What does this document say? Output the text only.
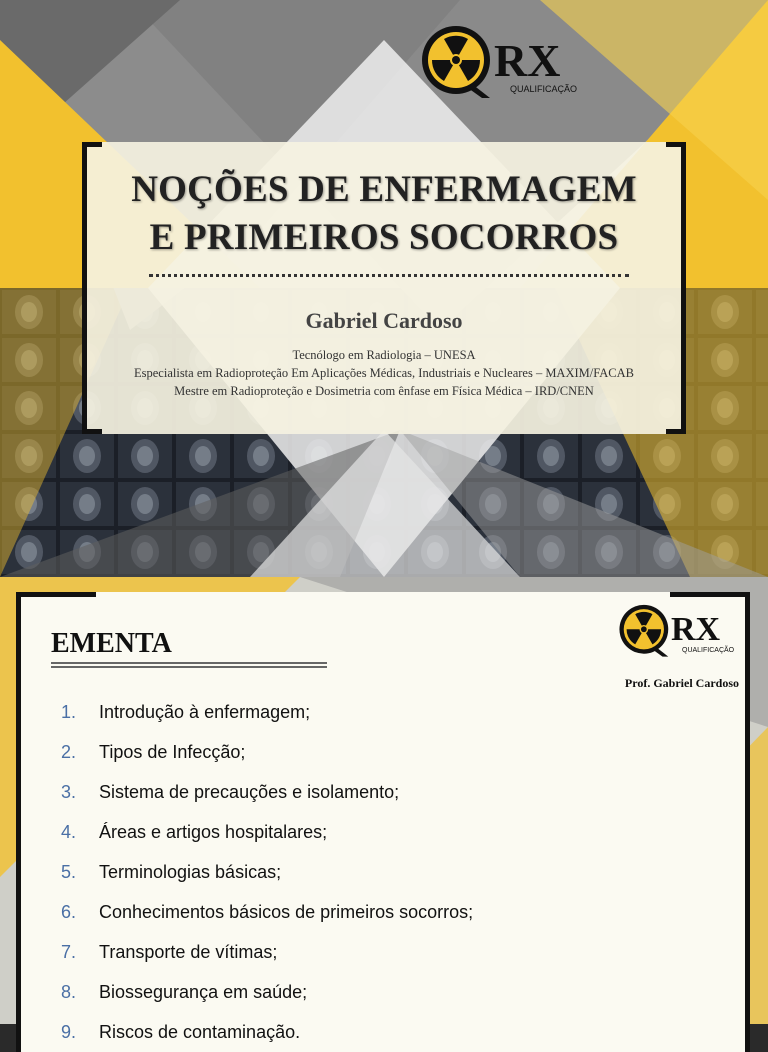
RX
QUALIFICAÇÃO
NOÇÕES DE ENFERMAGEM
E PRIMEIROS SOCORROS
Gabriel Cardoso
Tecnólogo em Radiologia – UNESA
Especialista em Radioproteção Em Aplicações Médicas, Industriais e Nucleares – MAXIM/FACAB
Mestre em Radioproteção e Dosimetria com ênfase em Física Médica – IRD/CNEN
EMENTA
Prof. Gabriel Cardoso
1.	Introdução à enfermagem;
2.	Tipos de Infecção;
3.	Sistema de precauções e isolamento;
4.	Áreas e artigos hospitalares;
5.	Terminologias básicas;
6.	Conhecimentos básicos de primeiros socorros;
7.	Transporte de vítimas;
8.	Biossegurança em saúde;
9.	Riscos de contaminação.
RX
QUALIFICAÇÃO
